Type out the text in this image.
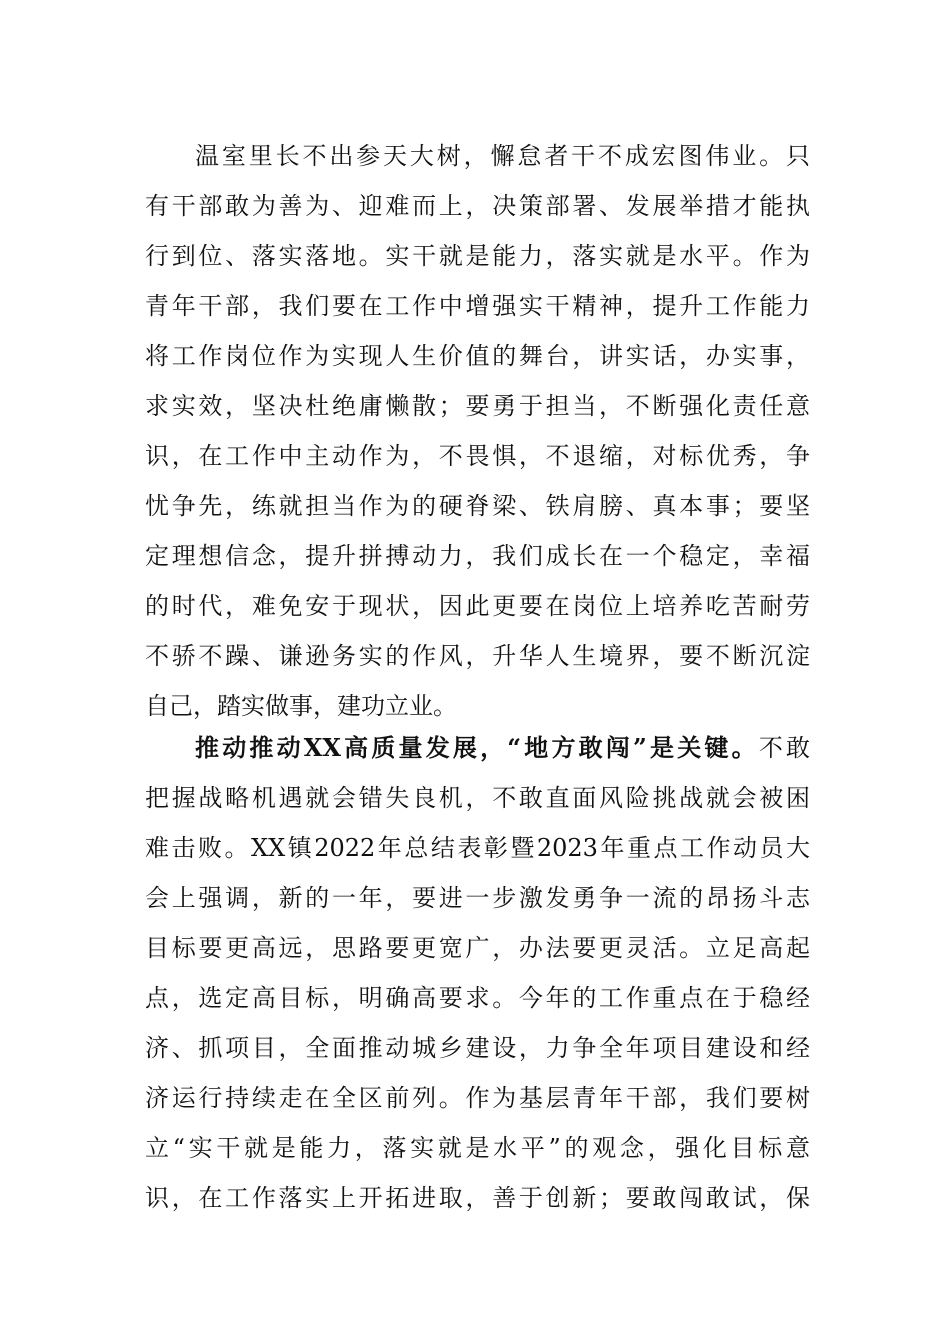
温室里长不出参天大树，懈怠者干不成宏图伟业。只
有干部敢为善为、迎难而上，决策部署、发展举措才能执
行到位、落实落地。实干就是能力，落实就是水平。作为
青年干部，我们要在工作中增强实干精神，提升工作能力
将工作岗位作为实现人生价值的舞台，讲实话，办实事，
求实效，坚决杜绝庸懒散；要勇于担当，不断强化责任意
识，在工作中主动作为，不畏惧，不退缩，对标优秀，争
忧争先，练就担当作为的硬脊梁、铁肩膀、真本事；要坚
定理想信念，提升拼搏动力，我们成长在一个稳定，幸福
的时代，难免安于现状，因此更要在岗位上培养吃苦耐劳
不骄不躁、谦逊务实的作风，升华人生境界，要不断沉淀
自己，踏实做事，建功立业。
推动推动XX高质量发展，“地方敢闯”是关键。不敢
把握战略机遇就会错失良机，不敢直面风险挑战就会被困
难击败。XX镇2022年总结表彰暨2023年重点工作动员大
会上强调，新的一年，要进一步激发勇争一流的昂扬斗志
目标要更高远，思路要更宽广，办法要更灵活。立足高起
点，选定高目标，明确高要求。今年的工作重点在于稳经
济、抓项目，全面推动城乡建设，力争全年项目建设和经
济运行持续走在全区前列。作为基层青年干部，我们要树
立“实干就是能力，落实就是水平”的观念，强化目标意
识，在工作落实上开拓进取，善于创新；要敢闯敢试，保
